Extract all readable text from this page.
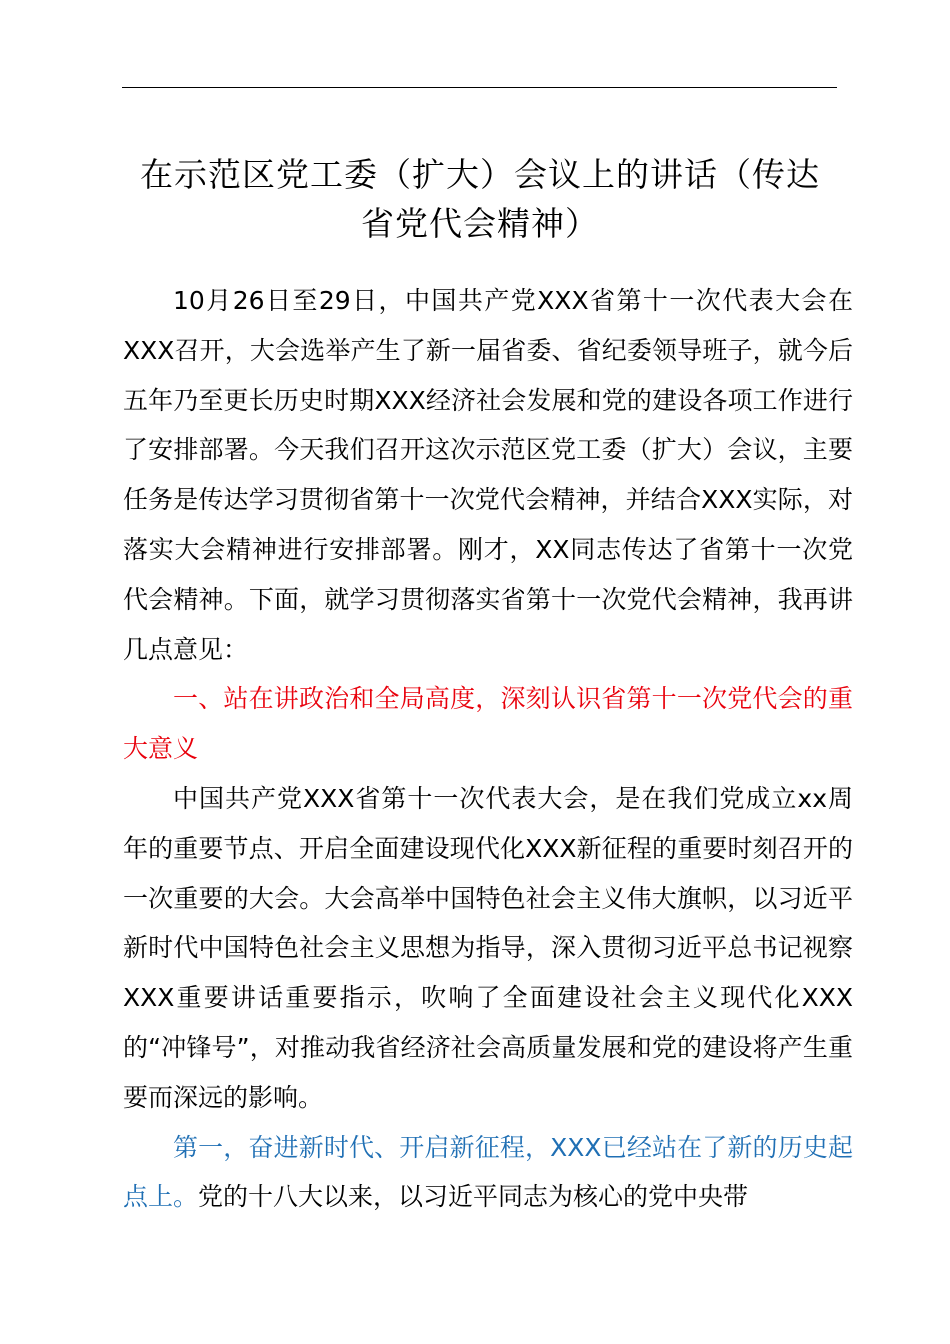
在示范区党工委（扩大）会议上的讲话（传达
省党代会精神）

10月26日至29日，中国共产党XXX省第十一次代表大会在XXX召开，大会选举产生了新一届省委、省纪委领导班子，就今后五年乃至更长历史时期XXX经济社会发展和党的建设各项工作进行了安排部署。今天我们召开这次示范区党工委（扩大）会议，主要任务是传达学习贯彻省第十一次党代会精神，并结合XXX实际，对落实大会精神进行安排部署。刚才，XX同志传达了省第十一次党代会精神。下面，就学习贯彻落实省第十一次党代会精神，我再讲几点意见：

一、站在讲政治和全局高度，深刻认识省第十一次党代会的重大意义

中国共产党XXX省第十一次代表大会，是在我们党成立xx周年的重要节点、开启全面建设现代化XXX新征程的重要时刻召开的一次重要的大会。大会高举中国特色社会主义伟大旗帜，以习近平新时代中国特色社会主义思想为指导，深入贯彻习近平总书记视察XXX重要讲话重要指示，吹响了全面建设社会主义现代化XXX的“冲锋号”，对推动我省经济社会高质量发展和党的建设将产生重要而深远的影响。

第一，奋进新时代、开启新征程，XXX已经站在了新的历史起点上。党的十八大以来，以习近平同志为核心的党中央带
